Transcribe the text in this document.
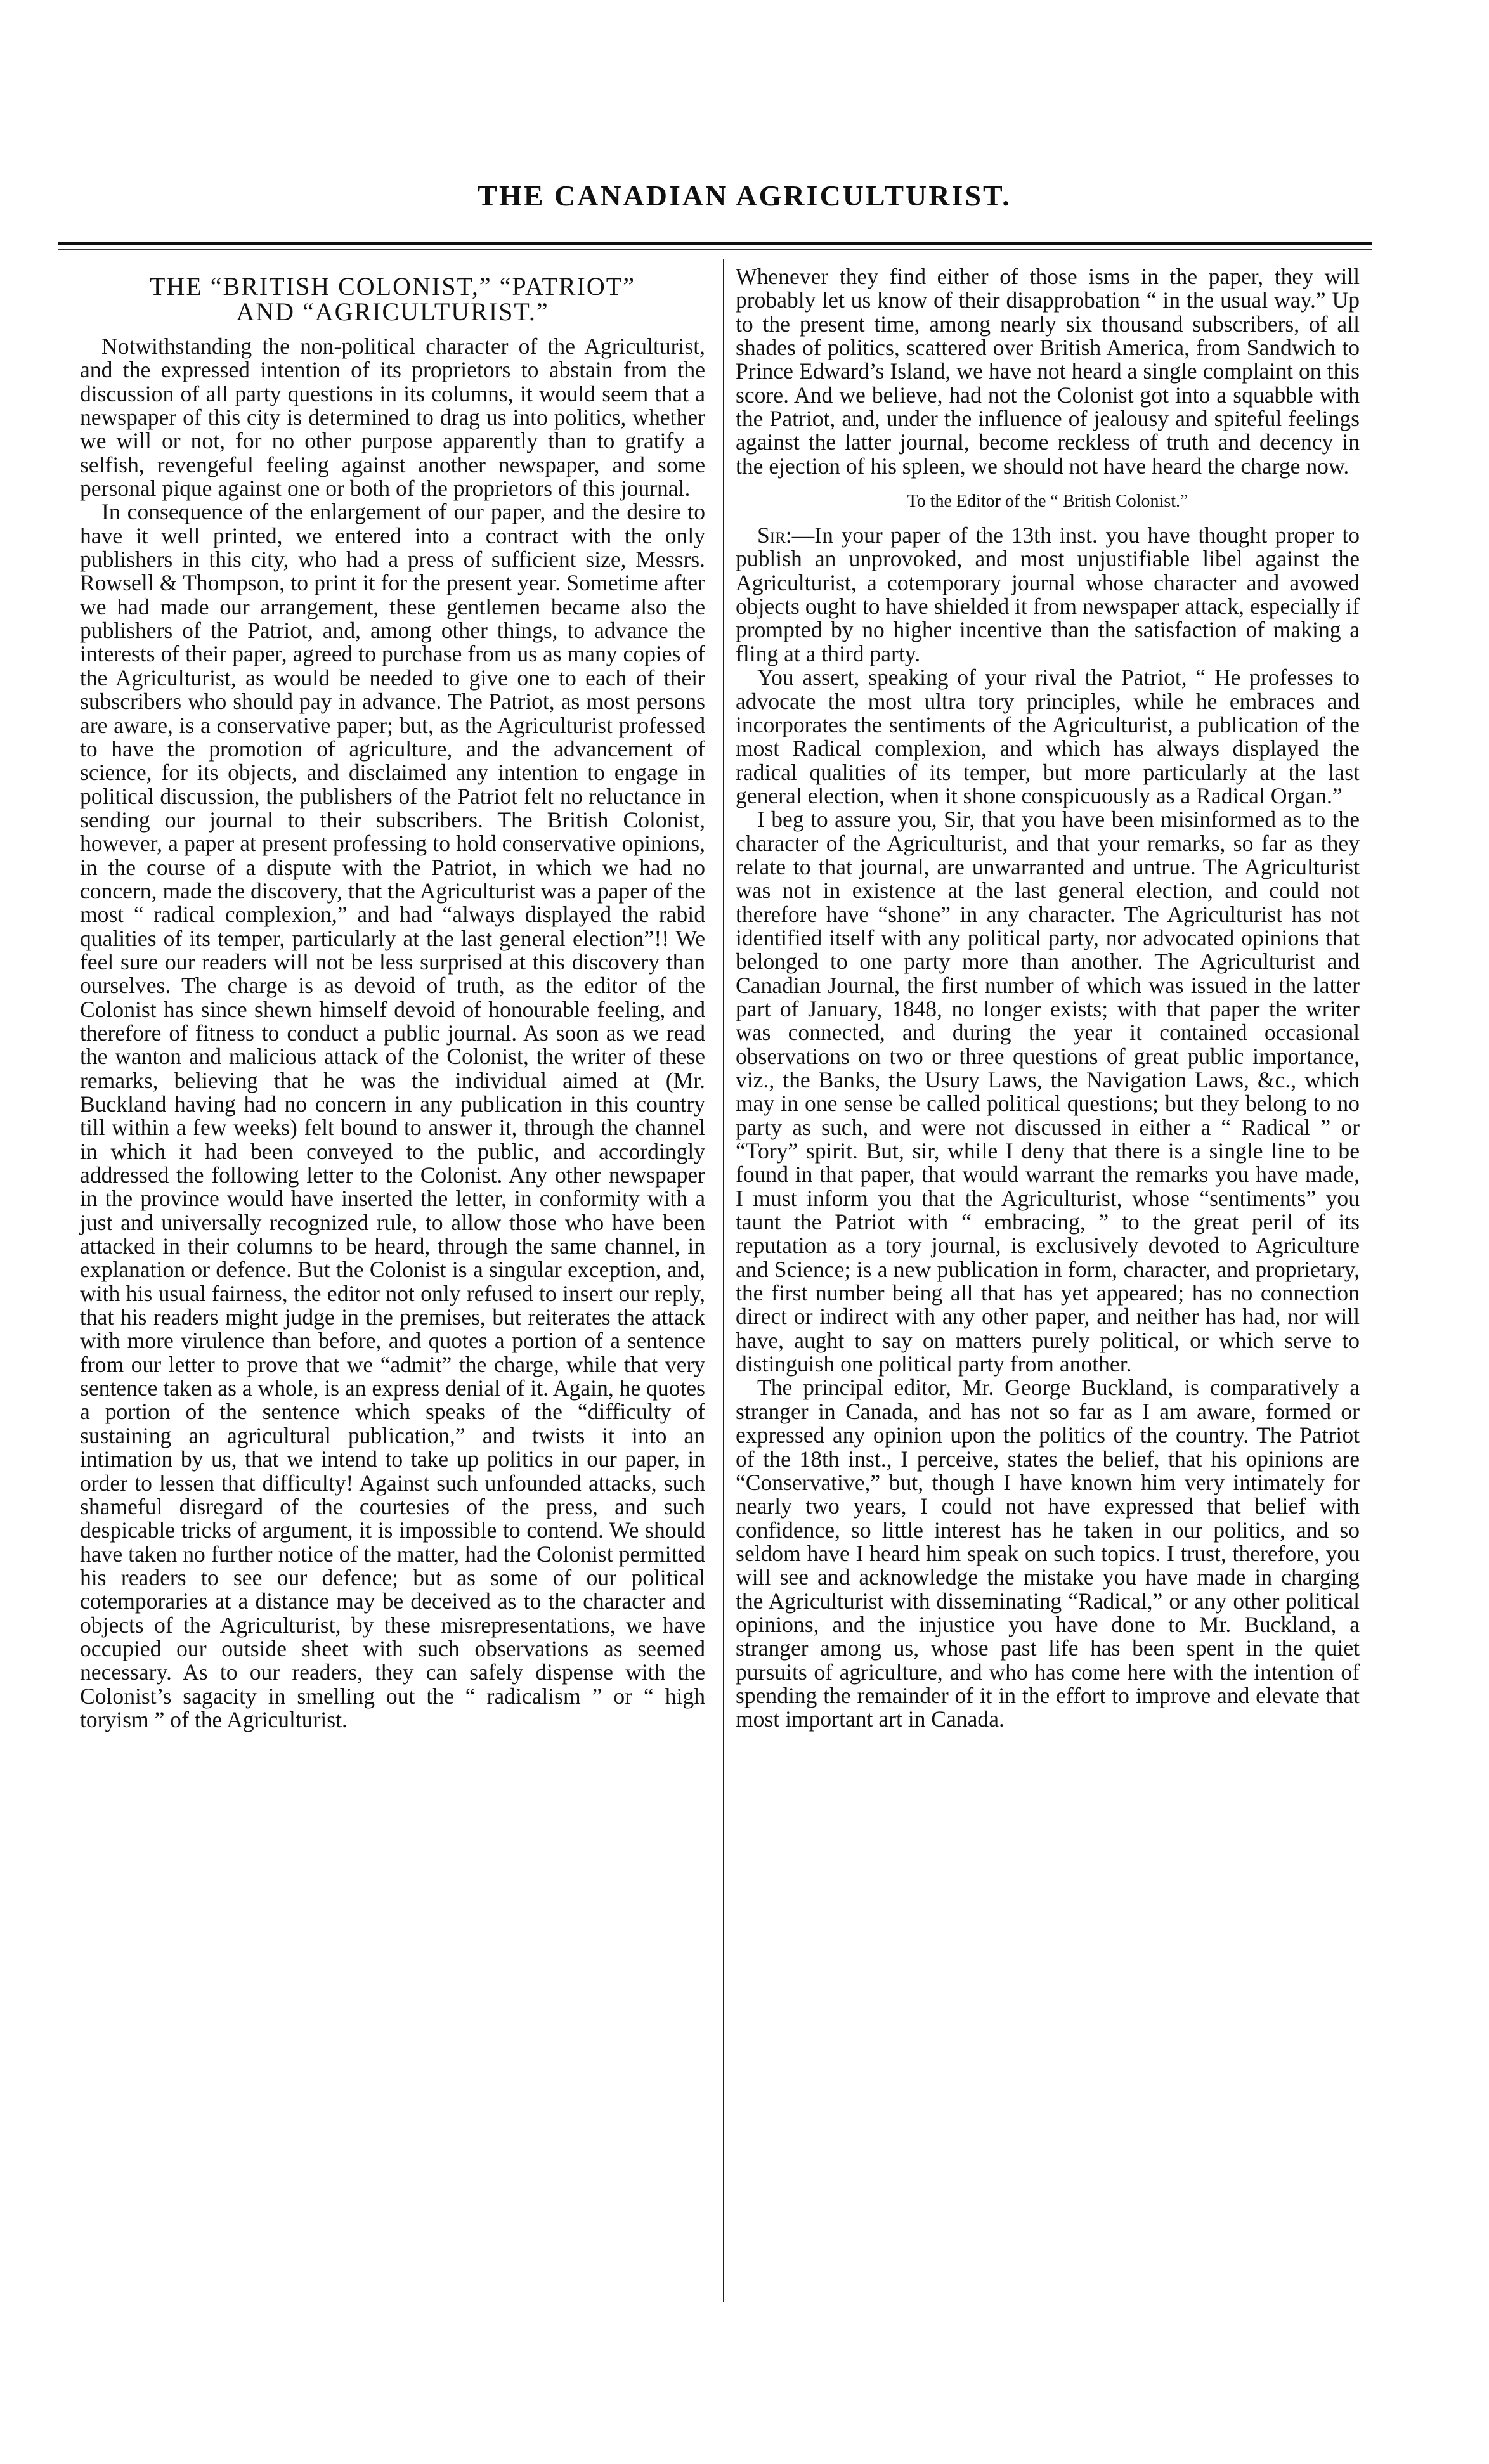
THE CANADIAN AGRICULTURIST.
THE “BRITISH COLONIST,” “PATRIOT”
AND “AGRICULTURIST.”

Notwithstanding the non-political character of the Agriculturist, and the expressed intention of its proprietors to abstain from the discussion of all party questions in its columns, it would seem that a newspaper of this city is determined to drag us into politics, whether we will or not, for no other purpose apparently than to gratify a selfish, revengeful feeling against another newspaper, and some personal pique against one or both of the proprietors of this journal.

In consequence of the enlargement of our paper, and the desire to have it well printed, we entered into a contract with the only publishers in this city, who had a press of sufficient size, Messrs. Rowsell & Thompson, to print it for the present year. Sometime after we had made our arrangement, these gentlemen became also the publishers of the Patriot, and, among other things, to advance the interests of their paper, agreed to purchase from us as many copies of the Agriculturist, as would be needed to give one to each of their subscribers who should pay in advance. The Patriot, as most persons are aware, is a conservative paper; but, as the Agriculturist professed to have the promotion of agriculture, and the advancement of science, for its objects, and disclaimed any intention to engage in political discussion, the publishers of the Patriot felt no reluctance in sending our journal to their subscribers. The British Colonist, however, a paper at present professing to hold conservative opinions, in the course of a dispute with the Patriot, in which we had no concern, made the discovery, that the Agriculturist was a paper of the most “ radical complexion,” and had “always displayed the rabid qualities of its temper, particularly at the last general election”!! We feel sure our readers will not be less surprised at this discovery than ourselves. The charge is as devoid of truth, as the editor of the Colonist has since shewn himself devoid of honourable feeling, and therefore of fitness to conduct a public journal. As soon as we read the wanton and malicious attack of the Colonist, the writer of these remarks, believing that he was the individual aimed at (Mr. Buckland having had no concern in any publication in this country till within a few weeks) felt bound to answer it, through the channel in which it had been conveyed to the public, and accordingly addressed the following letter to the Colonist. Any other newspaper in the province would have inserted the letter, in conformity with a just and universally recognized rule, to allow those who have been attacked in their columns to be heard, through the same channel, in explanation or defence. But the Colonist is a singular exception, and, with his usual fairness, the editor not only refused to insert our reply, that his readers might judge in the premises, but reiterates the attack with more virulence than before, and quotes a portion of a sentence from our letter to prove that we “admit” the charge, while that very sentence taken as a whole, is an express denial of it. Again, he quotes a portion of the sentence which speaks of the “difficulty of sustaining an agricultural publication,” and twists it into an intimation by us, that we intend to take up politics in our paper, in order to lessen that difficulty! Against such unfounded attacks, such shameful disregard of the courtesies of the press, and such despicable tricks of argument, it is impossible to contend. We should have taken no further notice of the matter, had the Colonist permitted his readers to see our defence; but as some of our political cotemporaries at a distance may be deceived as to the character and objects of the Agriculturist, by these misrepresentations, we have occupied our outside sheet with such observations as seemed necessary. As to our readers, they can safely dispense with the Colonist’s sagacity in smelling out the “ radicalism ” or “ high toryism ” of the Agriculturist.

Whenever they find either of those isms in the paper, they will probably let us know of their disapprobation “ in the usual way.” Up to the present time, among nearly six thousand subscribers, of all shades of politics, scattered over British America, from Sandwich to Prince Edward’s Island, we have not heard a single complaint on this score. And we believe, had not the Colonist got into a squabble with the Patriot, and, under the influence of jealousy and spiteful feelings against the latter journal, become reckless of truth and decency in the ejection of his spleen, we should not have heard the charge now.

To the Editor of the “ British Colonist.”

Sir:—In your paper of the 13th inst. you have thought proper to publish an unprovoked, and most unjustifiable libel against the Agriculturist, a cotemporary journal whose character and avowed objects ought to have shielded it from newspaper attack, especially if prompted by no higher incentive than the satisfaction of making a fling at a third party.

You assert, speaking of your rival the Patriot, “ He professes to advocate the most ultra tory principles, while he embraces and incorporates the sentiments of the Agriculturist, a publication of the most Radical complexion, and which has always displayed the radical qualities of its temper, but more particularly at the last general election, when it shone conspicuously as a Radical Organ.”

I beg to assure you, Sir, that you have been misinformed as to the character of the Agriculturist, and that your remarks, so far as they relate to that journal, are unwarranted and untrue. The Agriculturist was not in existence at the last general election, and could not therefore have “shone” in any character. The Agriculturist has not identified itself with any political party, nor advocated opinions that belonged to one party more than another. The Agriculturist and Canadian Journal, the first number of which was issued in the latter part of January, 1848, no longer exists; with that paper the writer was connected, and during the year it contained occasional observations on two or three questions of great public importance, viz., the Banks, the Usury Laws, the Navigation Laws, &c., which may in one sense be called political questions; but they belong to no party as such, and were not discussed in either a “ Radical ” or “Tory” spirit. But, sir, while I deny that there is a single line to be found in that paper, that would warrant the remarks you have made, I must inform you that the Agriculturist, whose “sentiments” you taunt the Patriot with “ embracing, ” to the great peril of its reputation as a tory journal, is exclusively devoted to Agriculture and Science; is a new publication in form, character, and proprietary, the first number being all that has yet appeared; has no connection direct or indirect with any other paper, and neither has had, nor will have, aught to say on matters purely political, or which serve to distinguish one political party from another.

The principal editor, Mr. George Buckland, is comparatively a stranger in Canada, and has not so far as I am aware, formed or expressed any opinion upon the politics of the country. The Patriot of the 18th inst., I perceive, states the belief, that his opinions are “Conservative,” but, though I have known him very intimately for nearly two years, I could not have expressed that belief with confidence, so little interest has he taken in our politics, and so seldom have I heard him speak on such topics. I trust, therefore, you will see and acknowledge the mistake you have made in charging the Agriculturist with disseminating “Radical,” or any other political opinions, and the injustice you have done to Mr. Buckland, a stranger among us, whose past life has been spent in the quiet pursuits of agriculture, and who has come here with the intention of spending the remainder of it in the effort to improve and elevate that most important art in Canada.
